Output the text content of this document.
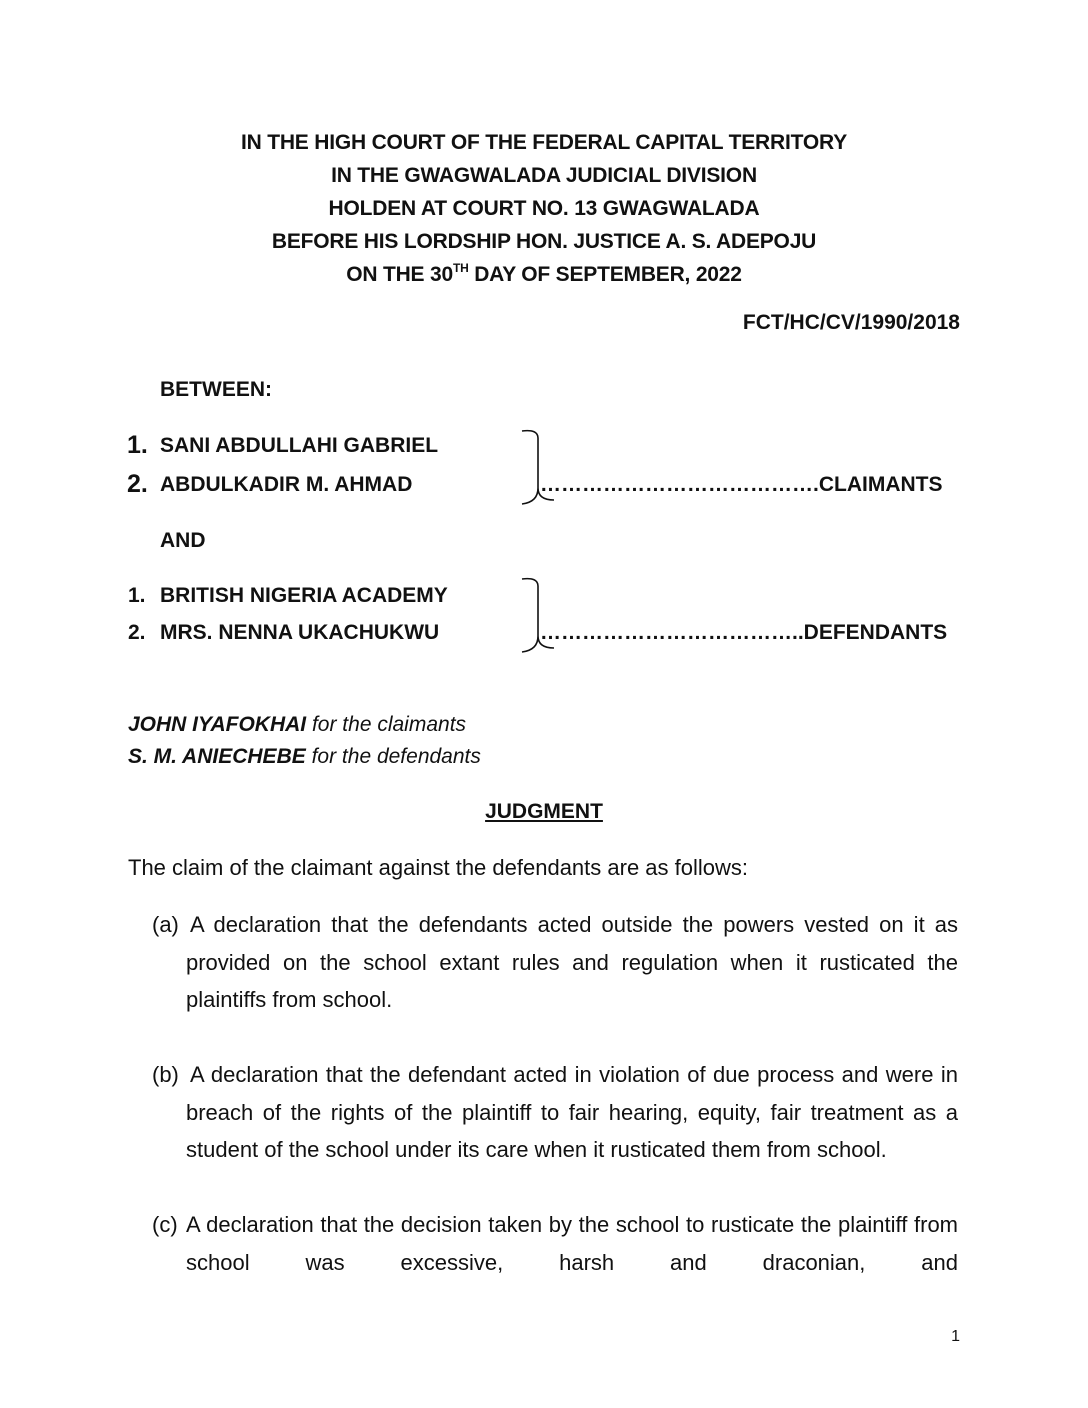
IN THE HIGH COURT OF THE FEDERAL CAPITAL TERRITORY
IN THE GWAGWALADA JUDICIAL DIVISION
HOLDEN AT COURT NO. 13 GWAGWALADA
BEFORE HIS LORDSHIP HON. JUSTICE A. S. ADEPOJU
ON THE 30TH DAY OF SEPTEMBER, 2022
FCT/HC/CV/1990/2018
BETWEEN:
1. SANI ABDULLAHI GABRIEL
2. ABDULKADIR M. AHMAD	………………………………….CLAIMANTS
AND
1. BRITISH NIGERIA ACADEMY
2. MRS. NENNA UKACHUKWU	………………………………..DEFENDANTS
JOHN IYAFOKHAI for the claimants
S. M. ANIECHEBE for the defendants
JUDGMENT
The claim of the claimant against the defendants are as follows:
(a) A declaration that the defendants acted outside the powers vested on it as provided on the school extant rules and regulation when it rusticated the plaintiffs from school.
(b) A declaration that the defendant acted in violation of due process and were in breach of the rights of the plaintiff to fair hearing, equity, fair treatment as a student of the school under its care when it rusticated them from school.
(c) A declaration that the decision taken by the school to rusticate the plaintiff from school was excessive, harsh and draconian, and
1
